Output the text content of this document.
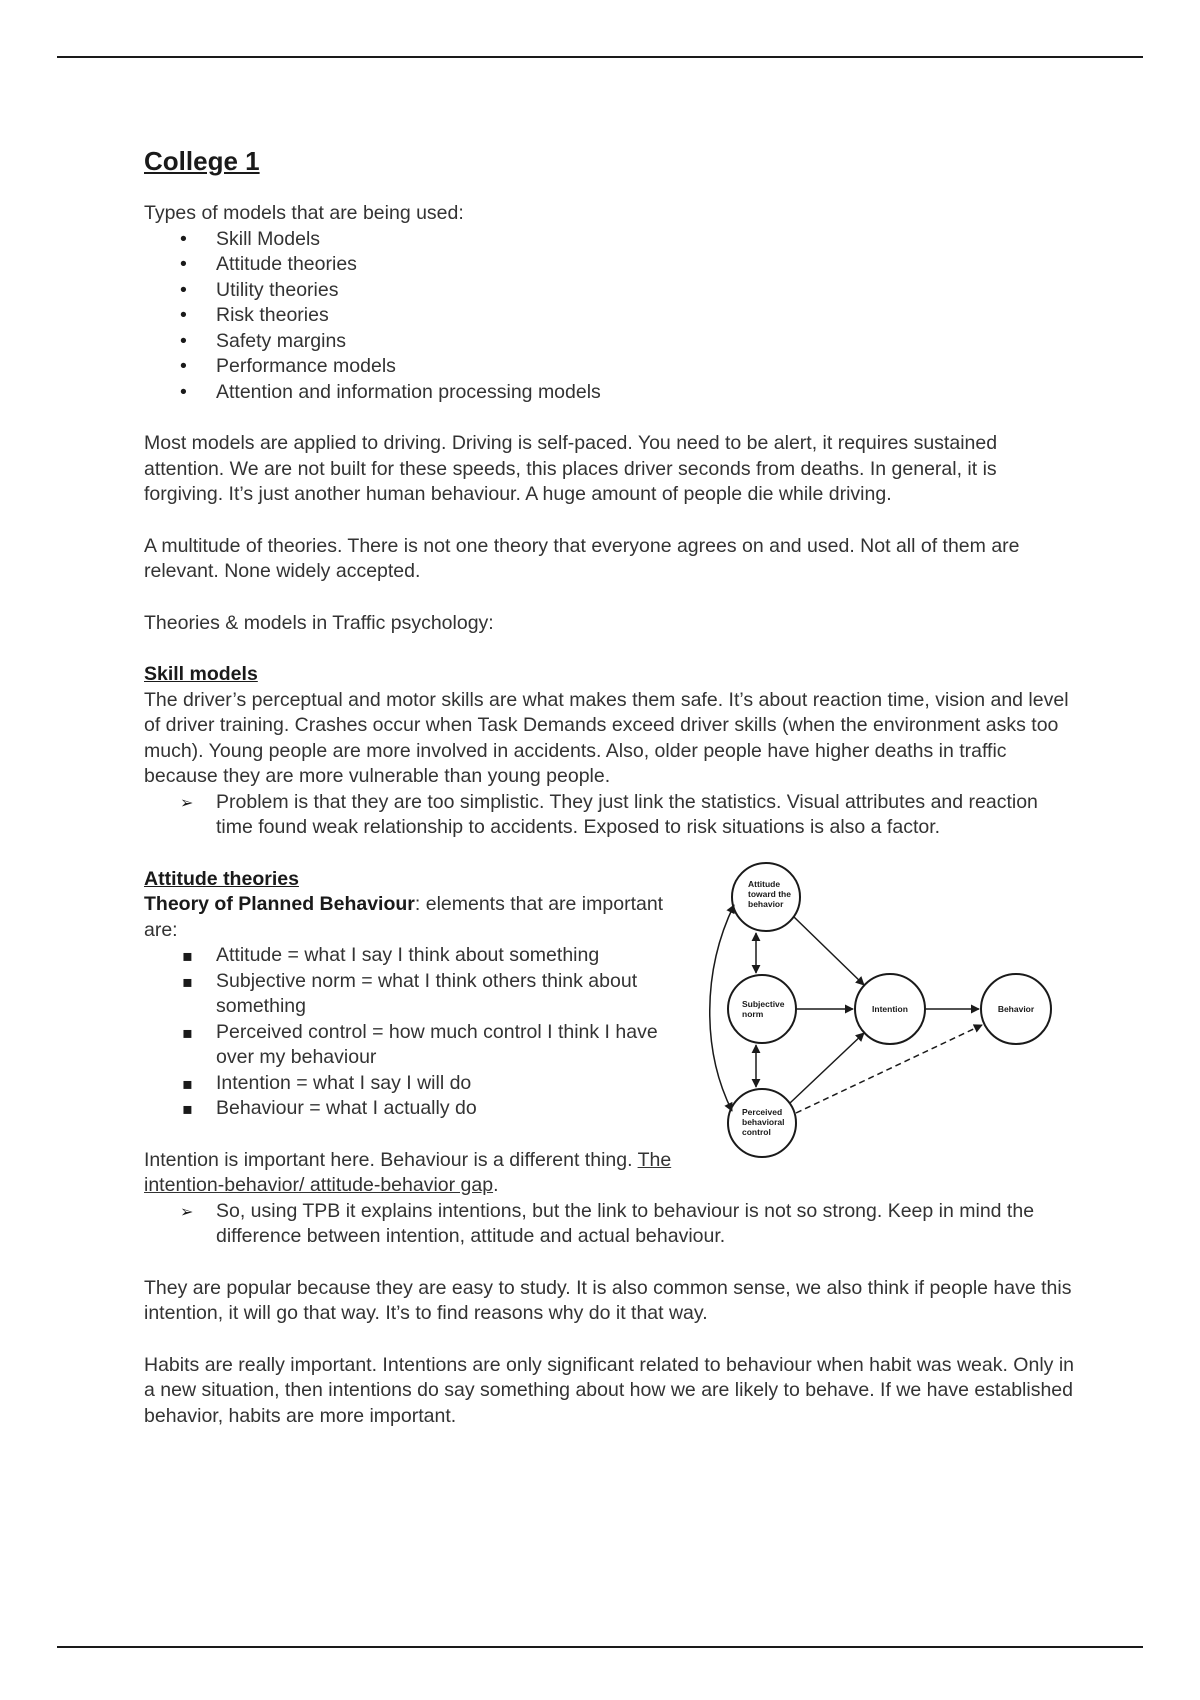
College 1

Types of models that are being used:

• Skill Models
• Attitude theories
• Utility theories
• Risk theories
• Safety margins
• Performance models
• Attention and information processing models

Most models are applied to driving. Driving is self-paced. You need to be alert, it requires sustained attention. We are not built for these speeds, this places driver seconds from deaths. In general, it is forgiving. It’s just another human behaviour. A huge amount of people die while driving.

A multitude of theories. There is not one theory that everyone agrees on and used. Not all of them are relevant. None widely accepted.

Theories & models in Traffic psychology:

Skill models

The driver’s perceptual and motor skills are what makes them safe. It’s about reaction time, vision and level of driver training. Crashes occur when Task Demands exceed driver skills (when the environment asks too much). Young people are more involved in accidents. Also, older people have higher deaths in traffic because they are more vulnerable than young people.

➢ Problem is that they are too simplistic. They just link the statistics. Visual attributes and reaction time found weak relationship to accidents. Exposed to risk situations is also a factor.

Attitude theories

Theory of Planned Behaviour: elements that are important are:

▪ Attitude = what I say I think about something
▪ Subjective norm = what I think others think about something
▪ Perceived control = how much control I think I have over my behaviour
▪ Intention = what I say I will do
▪ Behaviour = what I actually do

Intention is important here. Behaviour is a different thing. The intention-behavior/ attitude-behavior gap.

Attitude
toward the
behavior
Subjective
norm
Perceived
behavioral
control
Intention	Behavior
➢ So, using TPB it explains intentions, but the link to behaviour is not so strong. Keep in mind the difference between intention, attitude and actual behaviour.

They are popular because they are easy to study. It is also common sense, we also think if people have this intention, it will go that way. It’s to find reasons why do it that way.

Habits are really important. Intentions are only significant related to behaviour when habit was weak. Only in a new situation, then intentions do say something about how we are likely to behave. If we have established behavior, habits are more important.
